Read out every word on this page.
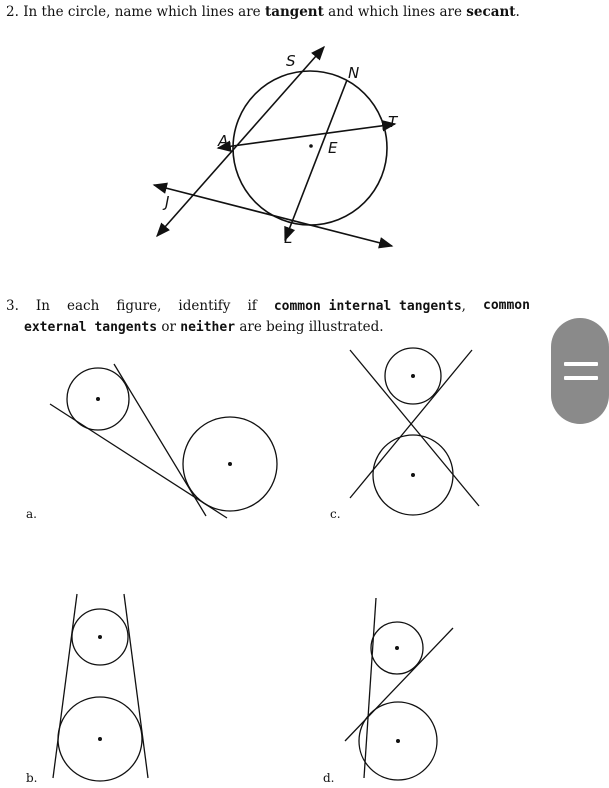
2. In the circle, name which lines are tangent and which lines are secant.
3. In each figure, identify if common internal tangents, common
external tangents or neither are being illustrated.
S
N
T
A	E
J
L
a.	c.
b.	d.
